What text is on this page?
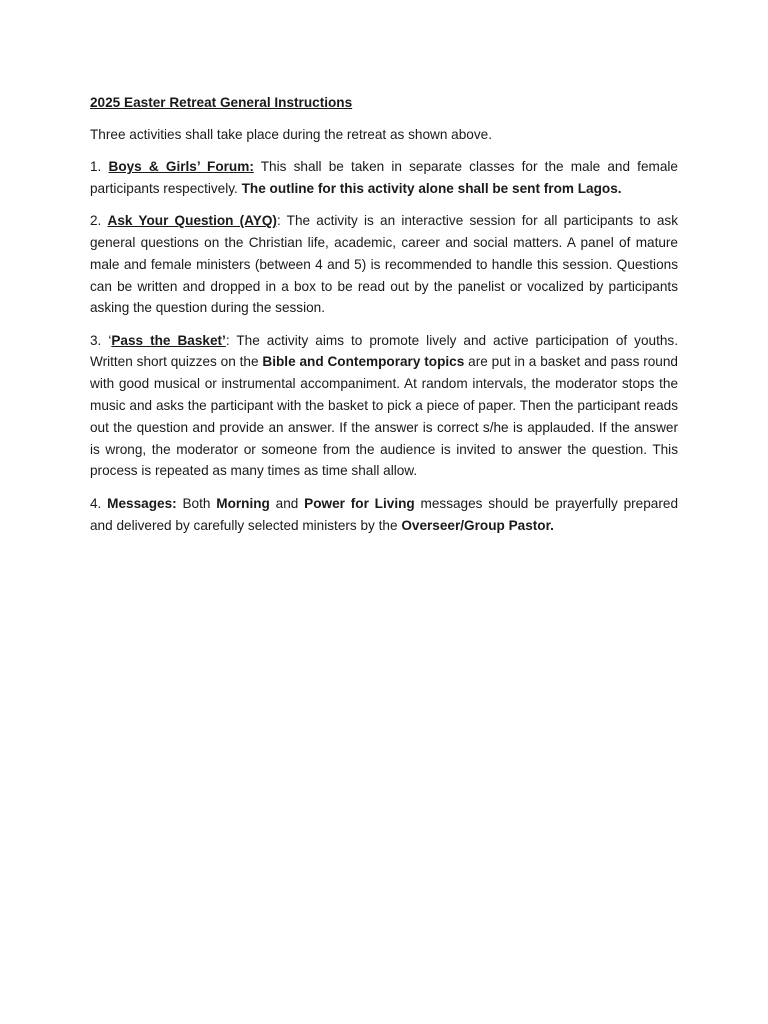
2025 Easter Retreat General Instructions

Three activities shall take place during the retreat as shown above.

1. Boys & Girls’ Forum: This shall be taken in separate classes for the male and female participants respectively. The outline for this activity alone shall be sent from Lagos.

2. Ask Your Question (AYQ): The activity is an interactive session for all participants to ask general questions on the Christian life, academic, career and social matters. A panel of mature male and female ministers (between 4 and 5) is recommended to handle this session. Questions can be written and dropped in a box to be read out by the panelist or vocalized by participants asking the question during the session.

3. ‘Pass the Basket’: The activity aims to promote lively and active participation of youths. Written short quizzes on the Bible and Contemporary topics are put in a basket and pass round with good musical or instrumental accompaniment. At random intervals, the moderator stops the music and asks the participant with the basket to pick a piece of paper. Then the participant reads out the question and provide an answer. If the answer is correct s/he is applauded. If the answer is wrong, the moderator or someone from the audience is invited to answer the question. This process is repeated as many times as time shall allow.

4. Messages: Both Morning and Power for Living messages should be prayerfully prepared and delivered by carefully selected ministers by the Overseer/Group Pastor.
